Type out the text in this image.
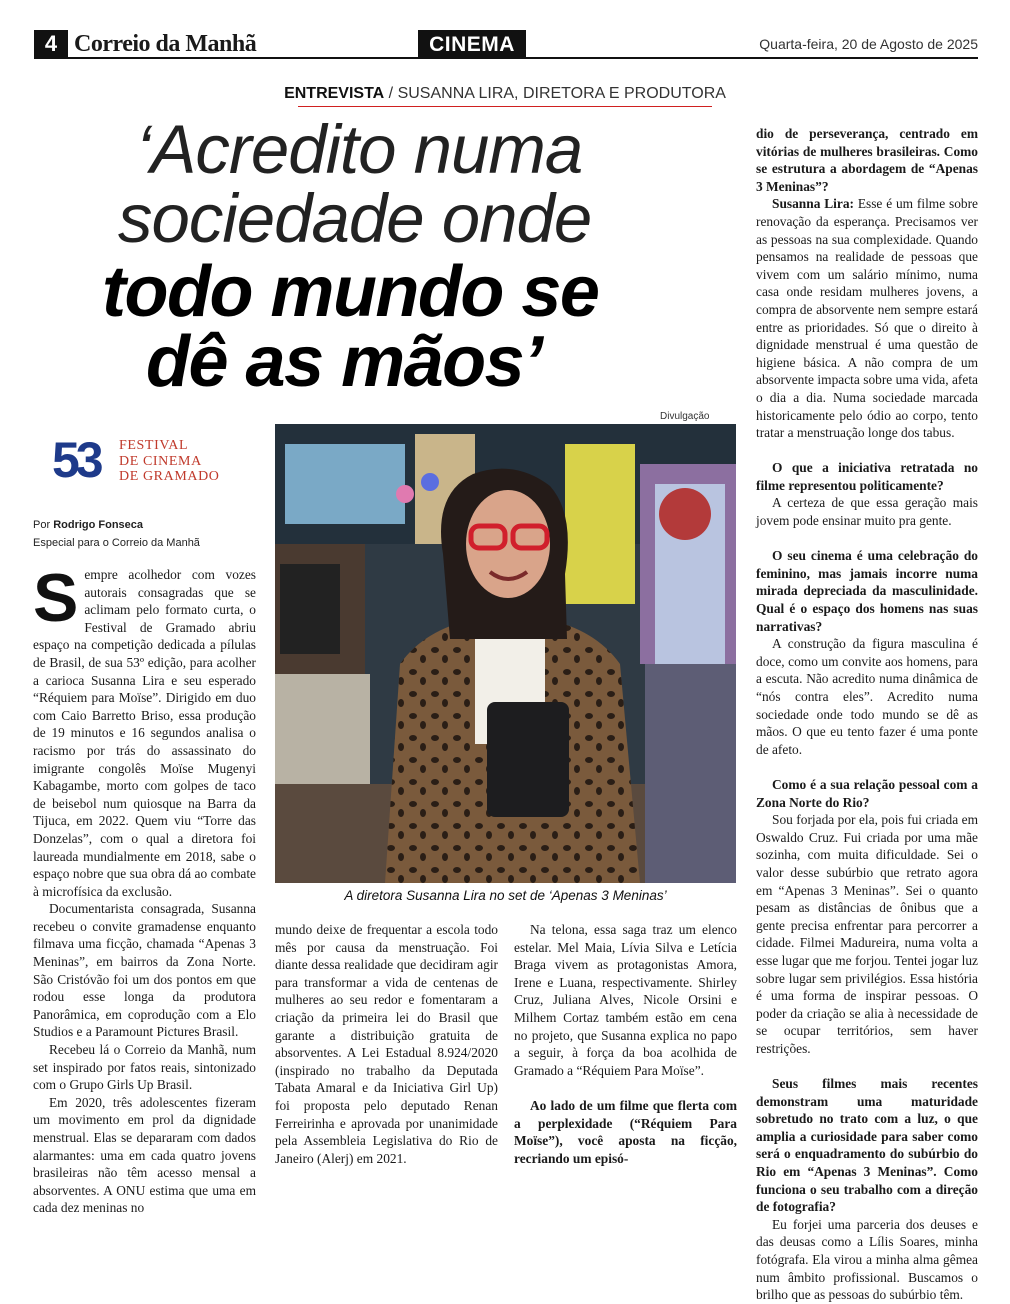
4 Correio da Manhã	CINEMA	Quarta-feira, 20 de Agosto de 2025
ENTREVISTA / SUSANNA LIRA, DIRETORA E PRODUTORA
‘Acredito numa
sociedade onde
todo mundo se
dê as mãos’
53 FESTIVAL
DE CINEMA
DE GRAMADO
Por Rodrigo Fonseca
Especial para o Correio da Manhã
Divulgação
A diretora Susanna Lira no set de ‘Apenas 3 Meninas’

Sempre acolhedor com vozes autorais consagradas que se aclimam pelo formato curta, o Festival de Gramado abriu espaço na competição dedicada a pílulas de Brasil, de sua 53º edição, para acolher a carioca Susanna Lira e seu esperado “Réquiem para Moïse”. Dirigido em duo com Caio Barretto Briso, essa produção de 19 minutos e 16 segundos analisa o racismo por trás do assassinato do imigrante congolês Moïse Mugenyi Kabagambe, morto com golpes de taco de beisebol num quiosque na Barra da Tijuca, em 2022. Quem viu “Torre das Donzelas”, com o qual a diretora foi laureada mundialmente em 2018, sabe o espaço nobre que sua obra dá ao combate à microfísica da exclusão.

Documentarista consagrada, Susanna recebeu o convite gramadense enquanto filmava uma ficção, chamada “Apenas 3 Meninas”, em bairros da Zona Norte. São Cristóvão foi um dos pontos em que rodou esse longa da produtora Panorâmica, em coprodução com a Elo Studios e a Paramount Pictures Brasil.

Recebeu lá o Correio da Manhã, num set inspirado por fatos reais, sintonizado com o Grupo Girls Up Brasil.

Em 2020, três adolescentes fizeram um movimento em prol da dignidade menstrual. Elas se depararam com dados alarmantes: uma em cada quatro jovens brasileiras não têm acesso mensal a absorventes. A ONU estima que uma em cada dez meninas no

mundo deixe de frequentar a escola todo mês por causa da menstruação. Foi diante dessa realidade que decidiram agir para transformar a vida de centenas de mulheres ao seu redor e fomentaram a criação da primeira lei do Brasil que garante a distribuição gratuita de absorventes. A Lei Estadual 8.924/2020 (inspirado no trabalho da Deputada Tabata Amaral e da Iniciativa Girl Up) foi proposta pelo deputado Renan Ferreirinha e aprovada por unanimidade pela Assembleia Legislativa do Rio de Janeiro (Alerj) em 2021.

Na telona, essa saga traz um elenco estelar. Mel Maia, Lívia Silva e Letícia Braga vivem as protagonistas Amora, Irene e Luana, respectivamente. Shirley Cruz, Juliana Alves, Nicole Orsini e Milhem Cortaz também estão em cena no projeto, que Susanna explica no papo a seguir, à força da boa acolhida de Gramado a “Réquiem Para Moïse”.

Ao lado de um filme que flerta com a perplexidade (“Réquiem Para Moïse”), você aposta na ficção, recriando um episó-

dio de perseverança, centrado em vitórias de mulheres brasileiras. Como se estrutura a abordagem de “Apenas 3 Meninas”?

Susanna Lira: Esse é um filme sobre renovação da esperança. Precisamos ver as pessoas na sua complexidade. Quando pensamos na realidade de pessoas que vivem com um salário mínimo, numa casa onde residam mulheres jovens, a compra de absorvente nem sempre estará entre as prioridades. Só que o direito à dignidade menstrual é uma questão de higiene básica. A não compra de um absorvente impacta sobre uma vida, afeta o dia a dia. Numa sociedade marcada historicamente pelo ódio ao corpo, tento tratar a menstruação longe dos tabus.

O que a iniciativa retratada no filme representou politicamente?

A certeza de que essa geração mais jovem pode ensinar muito pra gente.

O seu cinema é uma celebração do feminino, mas jamais incorre numa mirada depreciada da masculinidade. Qual é o espaço dos homens nas suas narrativas?

A construção da figura masculina é doce, como um convite aos homens, para a escuta. Não acredito numa dinâmica de “nós contra eles”. Acredito numa sociedade onde todo mundo se dê as mãos. O que eu tento fazer é uma ponte de afeto.

Como é a sua relação pessoal com a Zona Norte do Rio?

Sou forjada por ela, pois fui criada em Oswaldo Cruz. Fui criada por uma mãe sozinha, com muita dificuldade. Sei o valor desse subúrbio que retrato agora em “Apenas 3 Meninas”. Sei o quanto pesam as distâncias de ônibus que a gente precisa enfrentar para percorrer a cidade. Filmei Madureira, numa volta a esse lugar que me forjou. Tentei jogar luz sobre lugar sem privilégios. Essa história é uma forma de inspirar pessoas. O poder da criação se alia à necessidade de se ocupar territórios, sem haver restrições.

Seus filmes mais recentes demonstram uma maturidade sobretudo no trato com a luz, o que amplia a curiosidade para saber como será o enquadramento do subúrbio do Rio em “Apenas 3 Meninas”. Como funciona o seu trabalho com a direção de fotografia?

Eu forjei uma parceria dos deuses e das deusas como a Lílis Soares, minha fotógrafa. Ela virou a minha alma gêmea num âmbito profissional. Buscamos o brilho que as pessoas do subúrbio têm.
